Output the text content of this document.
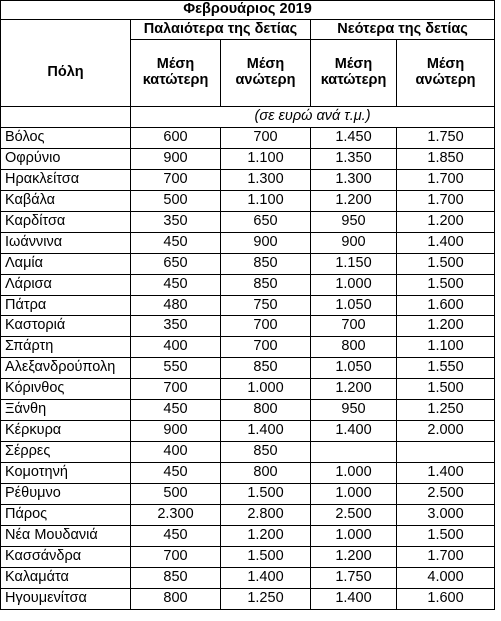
Φεβρουάριος 2019				
	Παλαιότερα της δετίας		Νεότερα της δετίας	
Πόλη	Μέση κατώτερη	Μέση ανώτερη	Μέση κατώτερη	Μέση ανώτερη
	(σε ευρώ ανά τ.μ.)			
Βόλος	600	700	1.450	1.750
Οφρύνιο	900	1.100	1.350	1.850
Ηρακλείτσα	700	1.300	1.300	1.700
Καβάλα	500	1.100	1.200	1.700
Καρδίτσα	350	650	950	1.200
Ιωάννινα	450	900	900	1.400
Λαμία	650	850	1.150	1.500
Λάρισα	450	850	1.000	1.500
Πάτρα	480	750	1.050	1.600
Καστοριά	350	700	700	1.200
Σπάρτη	400	700	800	1.100
Αλεξανδρούπολη	550	850	1.050	1.550
Κόρινθος	700	1.000	1.200	1.500
Ξάνθη	450	800	950	1.250
Κέρκυρα	900	1.400	1.400	2.000
Σέρρες	400	850		
Κομοτηνή	450	800	1.000	1.400
Ρέθυμνο	500	1.500	1.000	2.500
Πάρος	2.300	2.800	2.500	3.000
Νέα Μουδανιά	450	1.200	1.000	1.500
Κασσάνδρα	700	1.500	1.200	1.700
Καλαμάτα	850	1.400	1.750	4.000
Ηγουμενίτσα	800	1.250	1.400	1.600
